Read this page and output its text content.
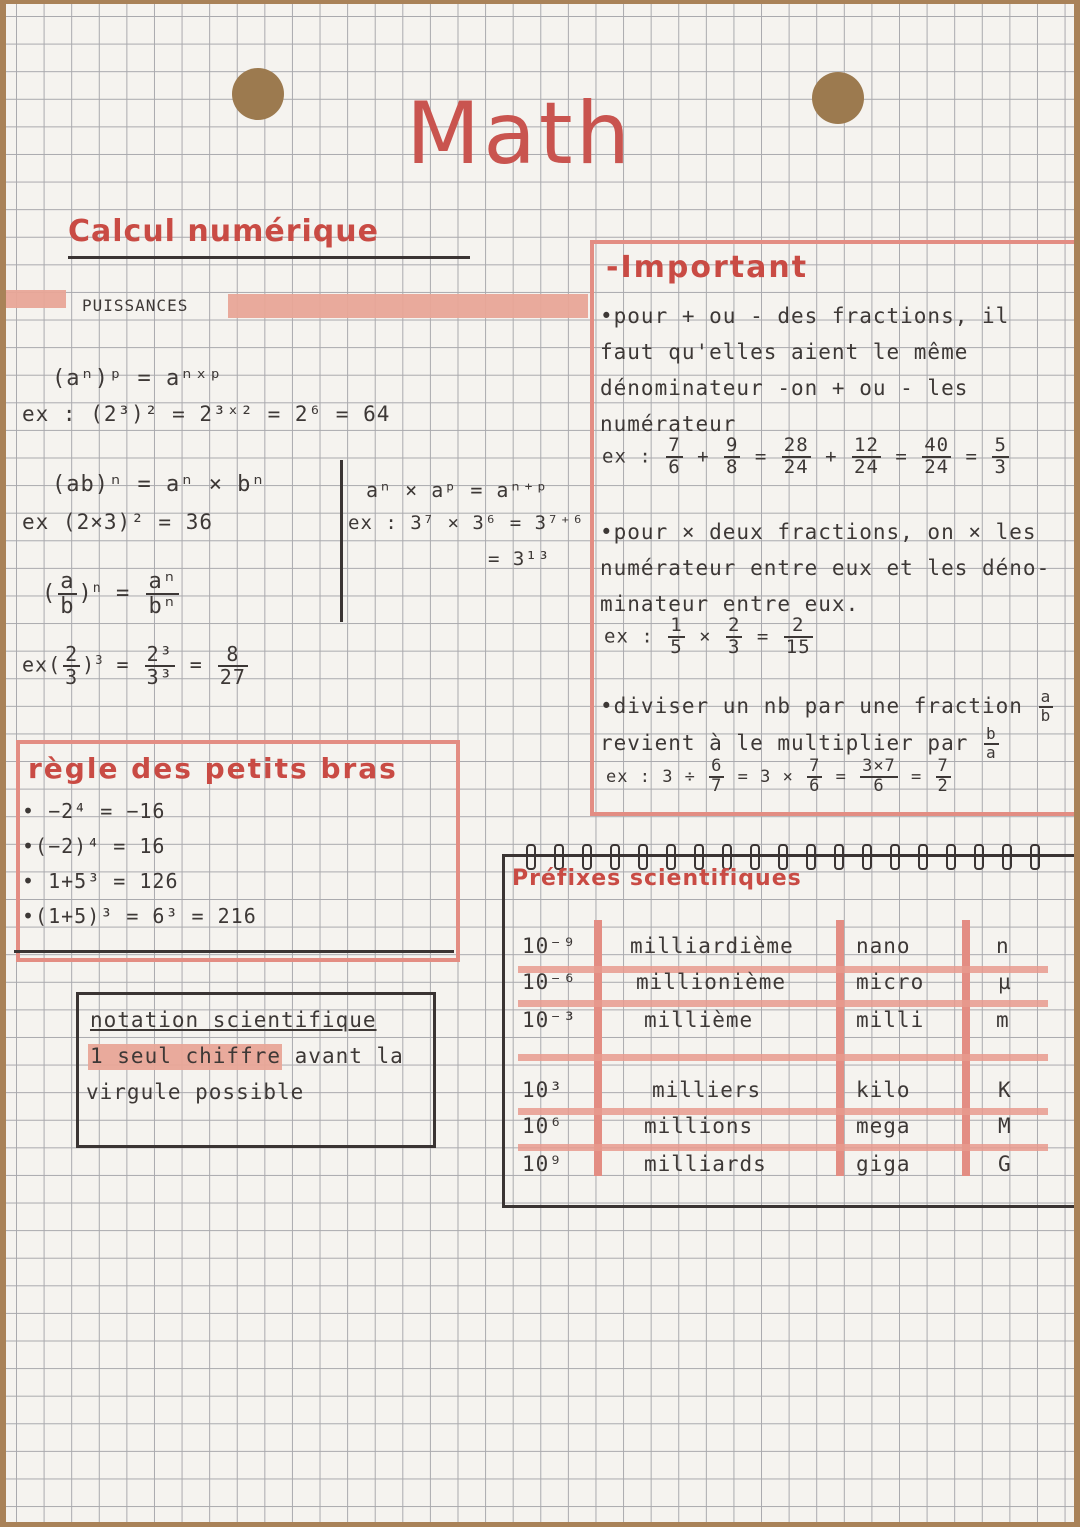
Math
Calcul numérique
PUISSANCES
(aⁿ)ᵖ = aⁿˣᵖ
ex : (2³)² = 2³ˣ² = 2⁶ = 64
(ab)ⁿ = aⁿ × bⁿ
ex (2×3)² = 36
( $\frac{a}{b} )^n = \frac{\text{aⁿ}}{\text{bⁿ}}$
$ex( \frac{2}{3} )^3 = \frac{\text{2³}}{\text{3³}} = \frac{8}{27}$
aⁿ × aᵖ = aⁿ⁺ᵖ
ex : 3⁷ × 3⁶ = 3⁷⁺⁶
= 3¹³
-Important
•pour + ou - des fractions, il
faut qu'elles aient le même
dénominateur -on + ou - les
numérateur
ex : $\frac{7}{6} + \frac{9}{8} = \frac{28}{24} + \frac{12}{24} = \frac{40}{24} = \frac{5}{3}$
•pour × deux fractions, on × les
numérateur entre eux et les déno-
minateur entre eux.
ex : $\frac{1}{5} \times \frac{2}{3} = \frac{2}{15}$
•diviser un nb par une fraction $\frac{a}{b}$
revient à le multiplier par $\frac{b}{a}$
ex : $3 \div \frac{6}{7} = 3 \times \frac{7}{6} = \frac{3\times 7}{6} = \frac{7}{2}$
règle des petits bras
• −2⁴ = −16
•(−2)⁴ = 16
• 1+5³ = 126
•(1+5)³ = 6³ = 216
notation scientifique
1 seul chiffre avant la
virgule possible
Préfixes scientifiques
10⁻⁹	milliardième	nano	n
10⁻⁶	millionième	micro	µ
10⁻³	millième	milli	m
10³	milliers	kilo	K
10⁶	millions	mega	M
10⁹	milliards	giga	G
